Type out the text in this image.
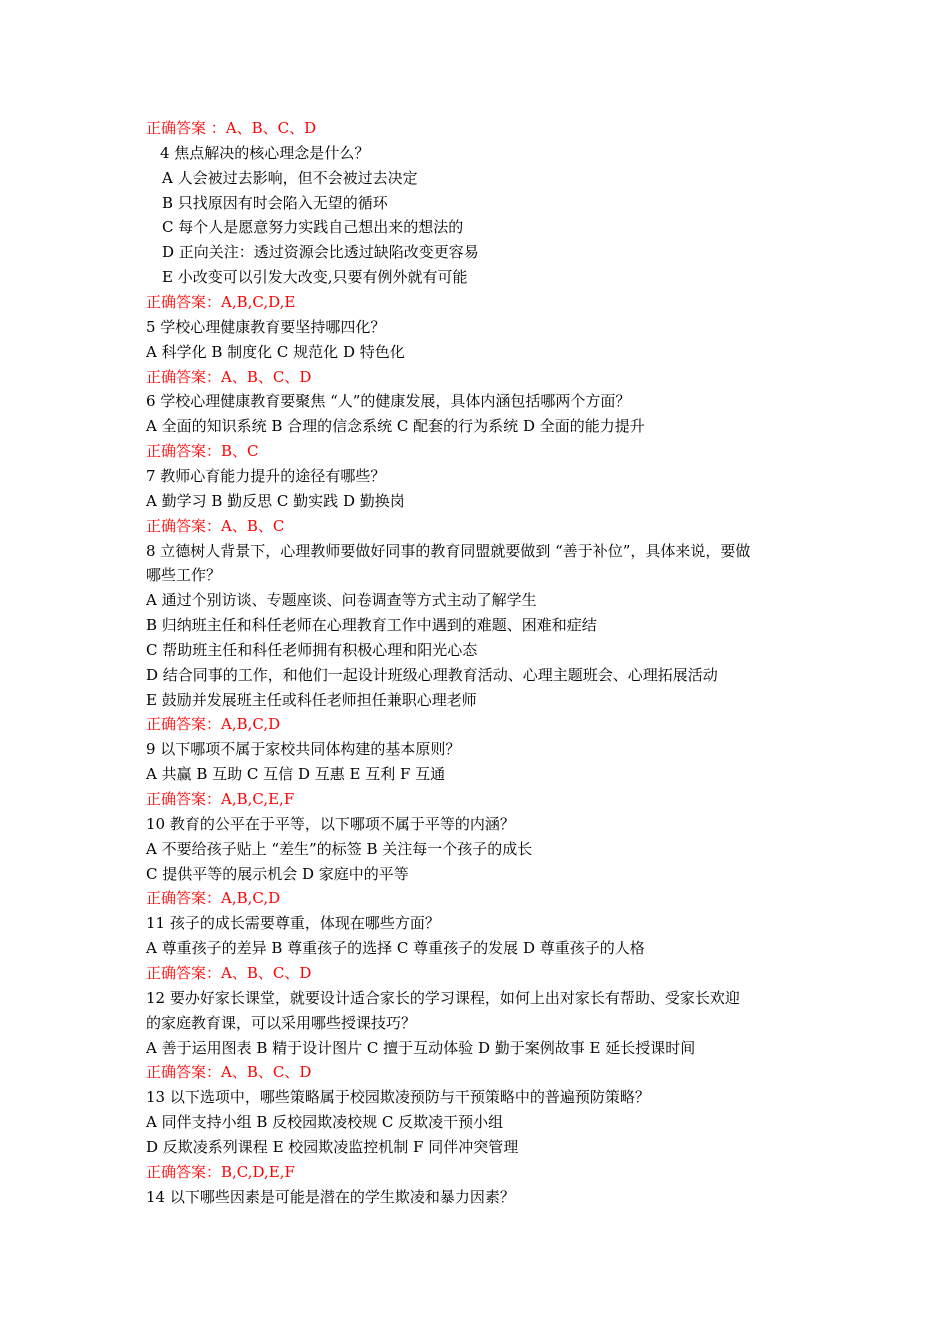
正确答案 ：A、B、C、D
4 焦点解决的核心理念是什么？
A 人会被过去影响，但不会被过去决定
B 只找原因有时会陷入无望的循环
C 每个人是愿意努力实践自己想出来的想法的
D 正向关注：透过资源会比透过缺陷改变更容易
E 小改变可以引发大改变,只要有例外就有可能
正确答案：A,B,C,D,E
5 学校心理健康教育要坚持哪四化？
A 科学化 B 制度化 C 规范化 D 特色化
正确答案：A、B、C、D
6 学校心理健康教育要聚焦 “人”的健康发展，具体内涵包括哪两个方面？
A 全面的知识系统 B 合理的信念系统 C 配套的行为系统 D 全面的能力提升
正确答案：B、C
7 教师心育能力提升的途径有哪些？
A 勤学习 B 勤反思 C 勤实践 D 勤换岗
正确答案：A、B、C
8 立德树人背景下，心理教师要做好同事的教育同盟就要做到 “善于补位”，具体来说，要做
哪些工作？
A 通过个别访谈、专题座谈、问卷调查等方式主动了解学生
B 归纳班主任和科任老师在心理教育工作中遇到的难题、困难和症结
C 帮助班主任和科任老师拥有积极心理和阳光心态
D 结合同事的工作，和他们一起设计班级心理教育活动、心理主题班会、心理拓展活动
E 鼓励并发展班主任或科任老师担任兼职心理老师
正确答案：A,B,C,D
9 以下哪项不属于家校共同体构建的基本原则？
A 共赢 B 互助 C 互信 D 互惠 E 互利 F 互通
正确答案：A,B,C,E,F
10 教育的公平在于平等，以下哪项不属于平等的内涵？
A 不要给孩子贴上 “差生”的标签 B 关注每一个孩子的成长
C 提供平等的展示机会 D 家庭中的平等
正确答案：A,B,C,D
11 孩子的成长需要尊重，体现在哪些方面？
A 尊重孩子的差异 B 尊重孩子的选择 C 尊重孩子的发展 D 尊重孩子的人格
正确答案：A、B、C、D
12 要办好家长课堂，就要设计适合家长的学习课程，如何上出对家长有帮助、受家长欢迎
的家庭教育课，可以采用哪些授课技巧？
A 善于运用图表 B 精于设计图片 C 擅于互动体验 D 勤于案例故事 E 延长授课时间
正确答案：A、B、C、D
13 以下选项中，哪些策略属于校园欺凌预防与干预策略中的普遍预防策略？
A 同伴支持小组 B 反校园欺凌校规 C 反欺凌干预小组
D 反欺凌系列课程 E 校园欺凌监控机制 F 同伴冲突管理
正确答案：B,C,D,E,F
14 以下哪些因素是可能是潜在的学生欺凌和暴力因素？
